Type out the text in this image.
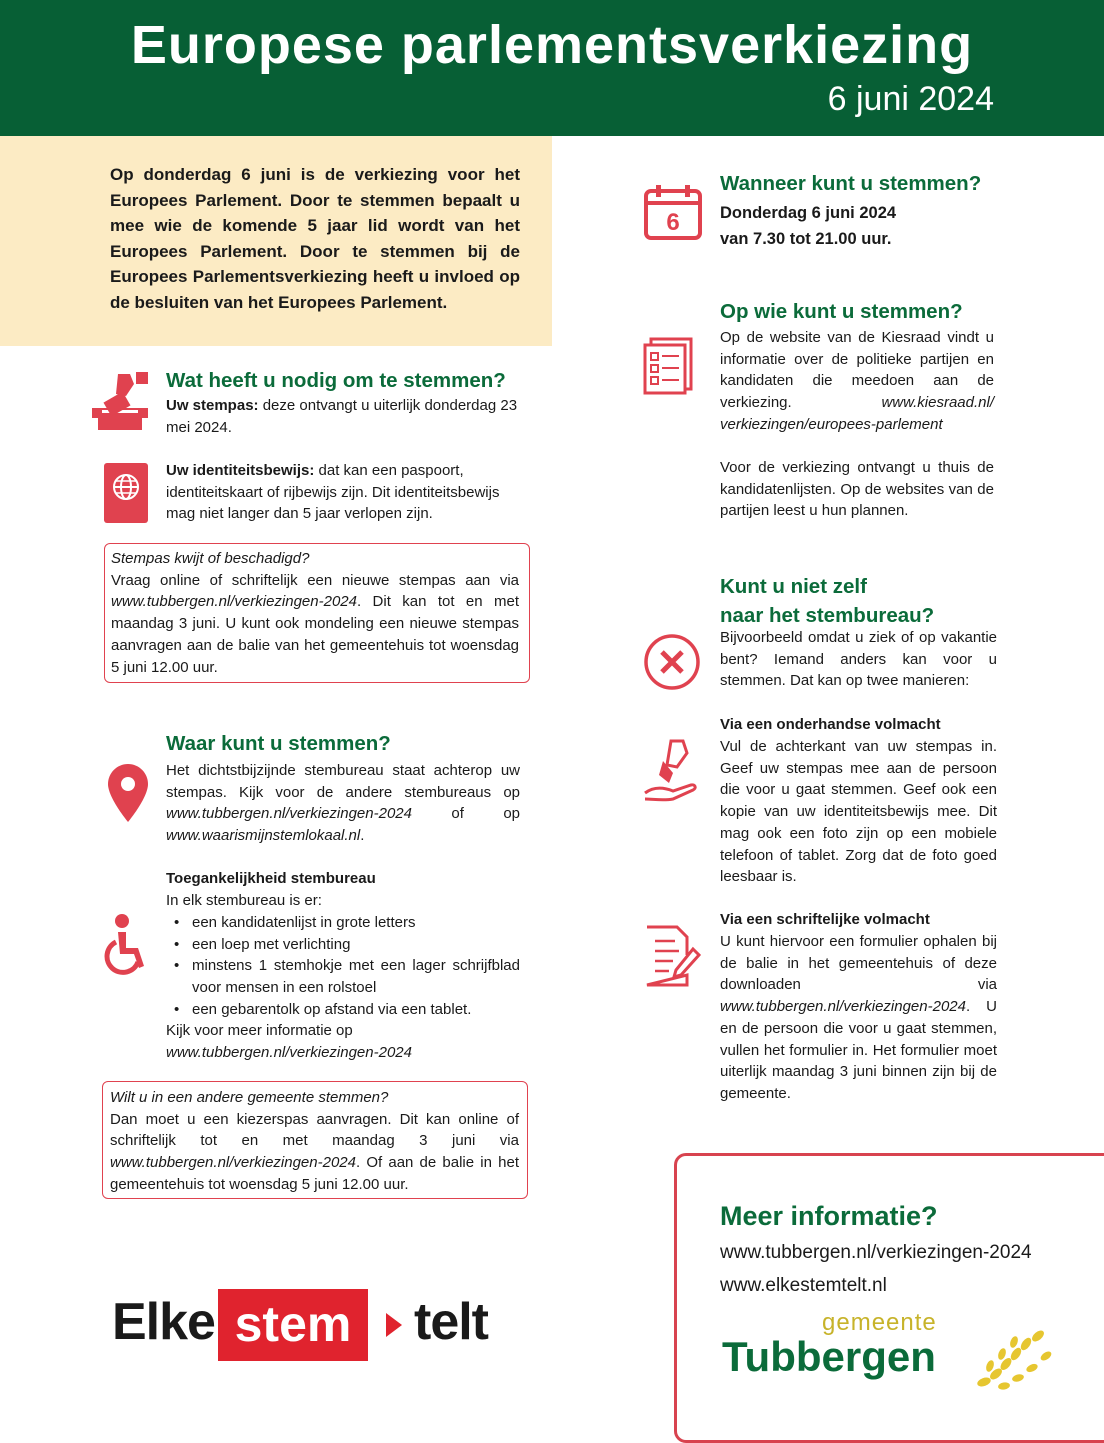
Europese parlementsverkiezing
6 juni 2024
Op donderdag 6 juni is de verkiezing voor het Europees Parlement. Door te stemmen bepaalt u mee wie de komende 5 jaar lid wordt van het Europees Parlement. Door te stemmen bij de Europees Parlementsverkiezing heeft u invloed op de besluiten van het Europees Parlement.
Wat heeft u nodig om te stemmen?
Uw stempas: deze ontvangt u uiterlijk donderdag 23 mei 2024.
Uw identiteitsbewijs: dat kan een paspoort, identiteitskaart of rijbewijs zijn. Dit identiteitsbewijs mag niet langer dan 5 jaar verlopen zijn.
Stempas kwijt of beschadigd?
Vraag online of schriftelijk een nieuwe stempas aan via www.tubbergen.nl/verkiezingen-2024. Dit kan tot en met maandag 3 juni. U kunt ook mondeling een nieuwe stempas aanvragen aan de balie van het gemeentehuis tot woensdag 5 juni 12.00 uur.
Waar kunt u stemmen?
Het dichtstbijzijnde stembureau staat achterop uw stempas. Kijk voor de andere stembureaus op www.tubbergen.nl/verkiezingen-2024 of op www.waarismijnstemlokaal.nl.
Toegankelijkheid stembureau
In elk stembureau is er:
• een kandidatenlijst in grote letters
• een loep met verlichting
• minstens 1 stemhokje met een lager schrijfblad voor mensen in een rolstoel
• een gebarentolk op afstand via een tablet.
Kijk voor meer informatie op
www.tubbergen.nl/verkiezingen-2024
Wilt u in een andere gemeente stemmen?
Dan moet u een kiezerspas aanvragen. Dit kan online of schriftelijk tot en met maandag 3 juni via www.tubbergen.nl/verkiezingen-2024. Of aan de balie in het gemeentehuis tot woensdag 5 juni 12.00 uur.
6
Wanneer kunt u stemmen?
Donderdag 6 juni 2024
van 7.30 tot 21.00 uur.
Op wie kunt u stemmen?
Op de website van de Kiesraad vindt u informatie over de politieke partijen en kandidaten die meedoen aan de verkiezing. www.kiesraad.nl/ verkiezingen/europees-parlement
Voor de verkiezing ontvangt u thuis de kandidatenlijsten. Op de websites van de partijen leest u hun plannen.
Kunt u niet zelf
naar het stembureau?
Bijvoorbeeld omdat u ziek of op vakantie bent? Iemand anders kan voor u stemmen. Dat kan op twee manieren:
Via een onderhandse volmacht
Vul de achterkant van uw stempas in. Geef uw stempas mee aan de persoon die voor u gaat stemmen. Geef ook een kopie van uw identiteitsbewijs mee. Dit mag ook een foto zijn op een mobiele telefoon of tablet. Zorg dat de foto goed leesbaar is.
Via een schriftelijke volmacht
U kunt hiervoor een formulier ophalen bij de balie in het gemeentehuis of deze downloaden via www.tubbergen.nl/verkiezingen-2024. U en de persoon die voor u gaat stemmen, vullen het formulier in. Het formulier moet uiterlijk maandag 3 juni binnen zijn bij de gemeente.
Meer informatie?
www.tubbergen.nl/verkiezingen-2024
www.elkestemtelt.nl
Elke stem	telt	gemeente
Tubbergen
